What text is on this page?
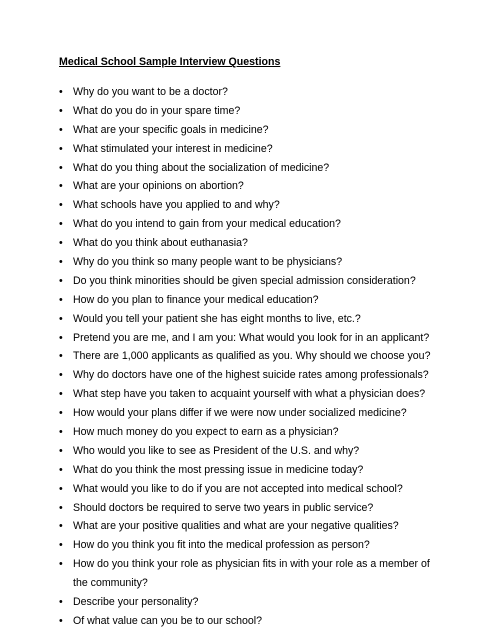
Medical School Sample Interview Questions
• Why do you want to be a doctor?
• What do you do in your spare time?
• What are your specific goals in medicine?
• What stimulated your interest in medicine?
• What do you thing about the socialization of medicine?
• What are your opinions on abortion?
• What schools have you applied to and why?
• What do you intend to gain from your medical education?
• What do you think about euthanasia?
• Why do you think so many people want to be physicians?
• Do you think minorities should be given special admission consideration?
• How do you plan to finance your medical education?
• Would you tell your patient she has eight months to live, etc.?
• Pretend you are me, and I am you: What would you look for in an applicant?
• There are 1,000 applicants as qualified as you. Why should we choose you?
• Why do doctors have one of the highest suicide rates among professionals?
• What step have you taken to acquaint yourself with what a physician does?
• How would your plans differ if we were now under socialized medicine?
• How much money do you expect to earn as a physician?
• Who would you like to see as President of the U.S. and why?
• What do you think the most pressing issue in medicine today?
• What would you like to do if you are not accepted into medical school?
• Should doctors be required to serve two years in public service?
• What are your positive qualities and what are your negative qualities?
• How do you think you fit into the medical profession as person?
• How do you think your role as physician fits in with your role as a member of the community?
• Describe your personality?
• Of what value can you be to our school?
